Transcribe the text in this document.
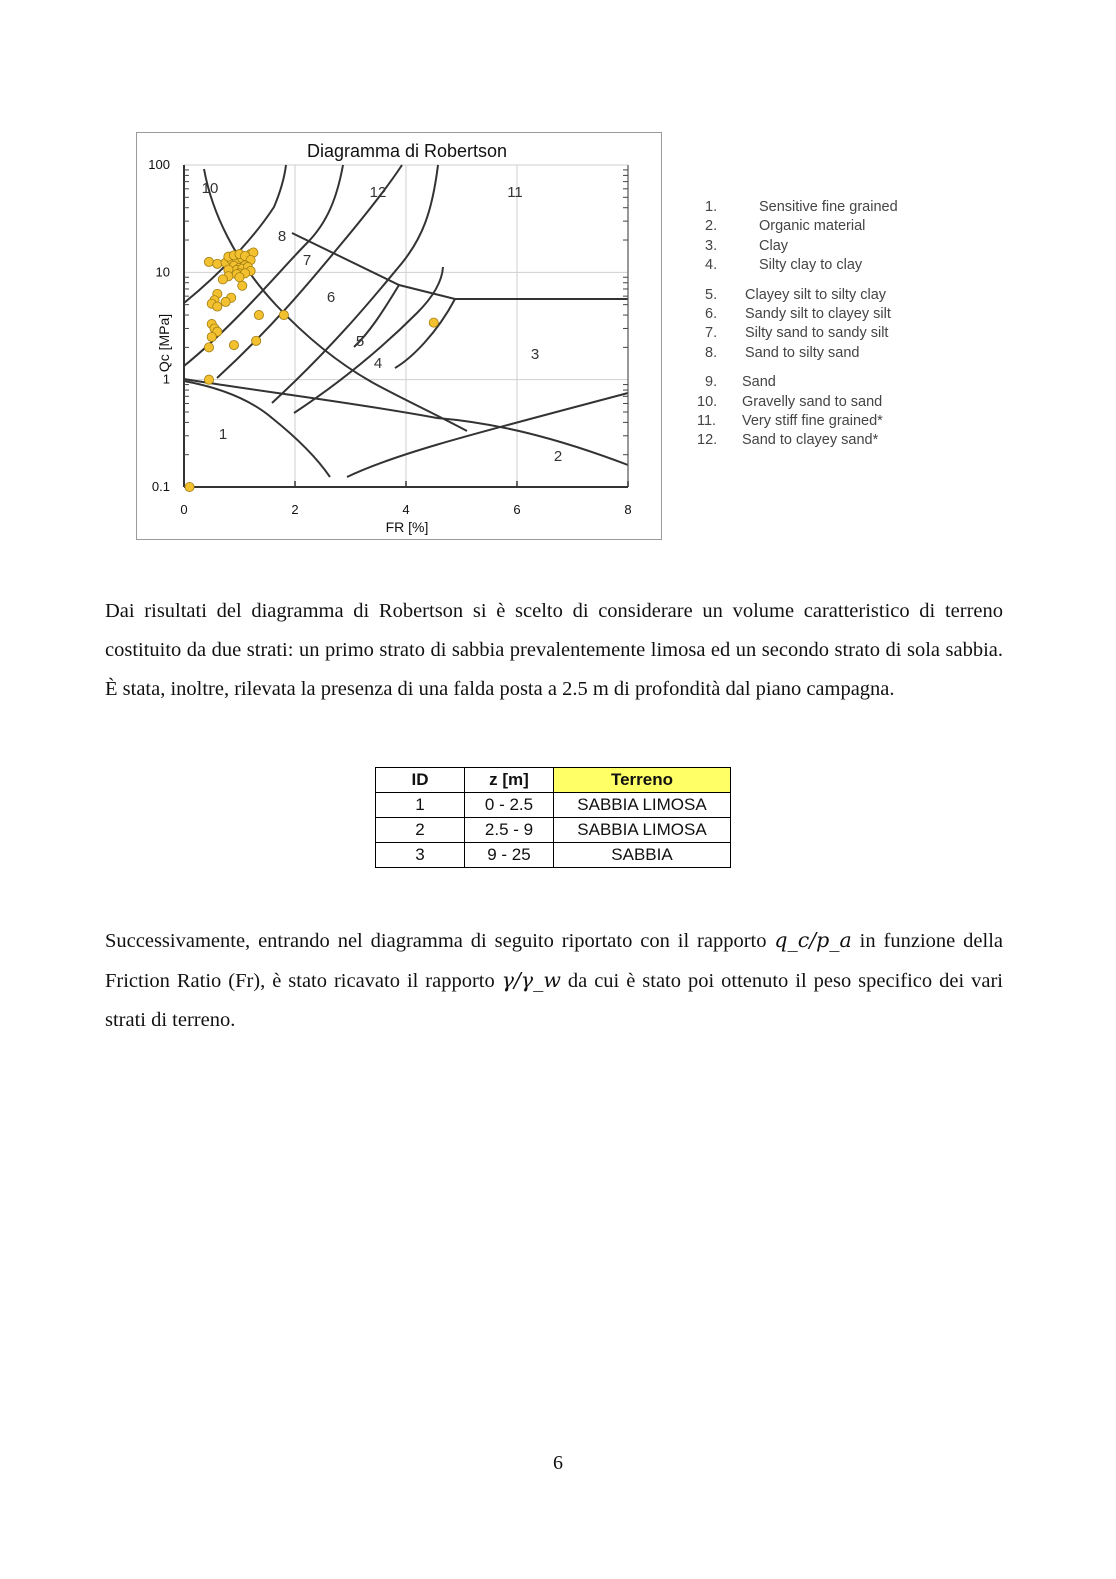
Diagramma di Robertson
0	2	4	6	8
0.1
1
10
100
1
2
3
4
5
6
7
8
10	11
12
FR [%]
Qc [MPa]
1.	Sensitive fine grained
2.	Organic material
3.	Clay
4.	Silty clay to clay
5.	Clayey silt to silty clay
6.	Sandy silt to clayey silt
7.	Silty sand to sandy silt
8.	Sand to silty sand
9.	Sand
10. Gravelly sand to sand
11. Very stiff fine grained*
12. Sand to clayey sand*

Dai risultati del diagramma di Robertson si è scelto di considerare un volume caratteristico di terreno costituito da due strati: un primo strato di sabbia prevalentemente limosa ed un secondo strato di sola sabbia. È stata, inoltre, rilevata la presenza di una falda posta a 2.5 m di profondità dal piano campagna.

ID	z [m]	Terreno
1	0 - 2.5	SABBIA LIMOSA
2	2.5 - 9	SABBIA LIMOSA
3	9 - 25	SABBIA

Successivamente, entrando nel diagramma di seguito riportato con il rapporto q_c/p_a in funzione della Friction Ratio (Fr), è stato ricavato il rapporto γ/γ_w da cui è stato poi ottenuto il peso specifico dei vari strati di terreno.

6
